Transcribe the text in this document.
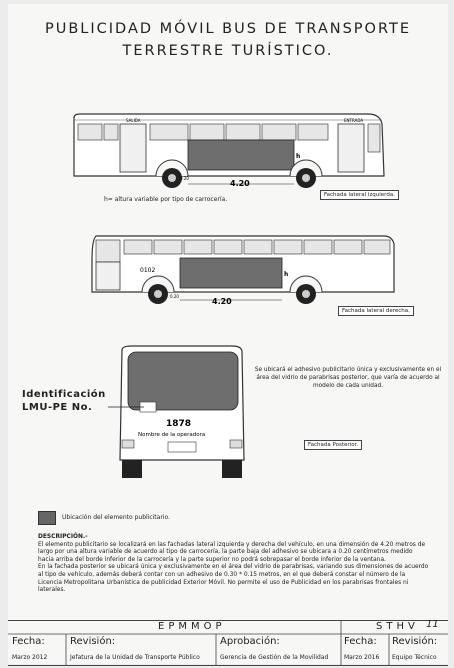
PUBLICIDAD MÓVIL BUS DE TRANSPORTE
TERRESTRE TURÍSTICO.
SALIDA	ENTRADA
h
4.20
0.20
h= altura variable por tipo de carrocería.
Fachada lateral izquierda.
0102
h
4.20
0.20
Fachada lateral derecha.
1878
Nombre de la operadora
Identificación
LMU-PE No.
Se ubicará el adhesivo publicitario única y exclusivamente en el área del vidrio de parabrisas posterior, que varía de acuerdo al modelo de cada unidad.
Fachada Posterior.
Ubicación del elemento publicitario.

DESCRIPCIÓN.-

El elemento publicitario se localizará en las fachadas lateral izquierda y derecha del vehículo, en una dimensión de 4.20 metros de largo por una altura variable de acuerdo al tipo de carrocería, la parte baja del adhesivo se ubicara a 0.20 centímetros medido hacia arriba del borde inferior de la carrocería y la parte superior no podrá sobrepasar el borde inferior de la ventana.

En la fachada posterior se ubicará única y exclusivamente en el área del vidrio de parabrisas, variando sus dimensiones de acuerdo al tipo de vehículo, además deberá contar con un adhesivo de 0.30 * 0.15 metros, en el que deberá constar el número de la Licencia Metropolitana Urbanística de publicidad Exterior Móvil. No permite el uso de Publicidad en los parabrisas frontales ni laterales.

EPMMOP	STHV 11
Fecha:
Marzo 2012
Revisión:
Jefatura de la Unidad de Transporte Público
Aprobación:
Gerencia de Gestión de la Movilidad
Fecha:
Marzo 2016
Revisión:
Equipo Técnico
